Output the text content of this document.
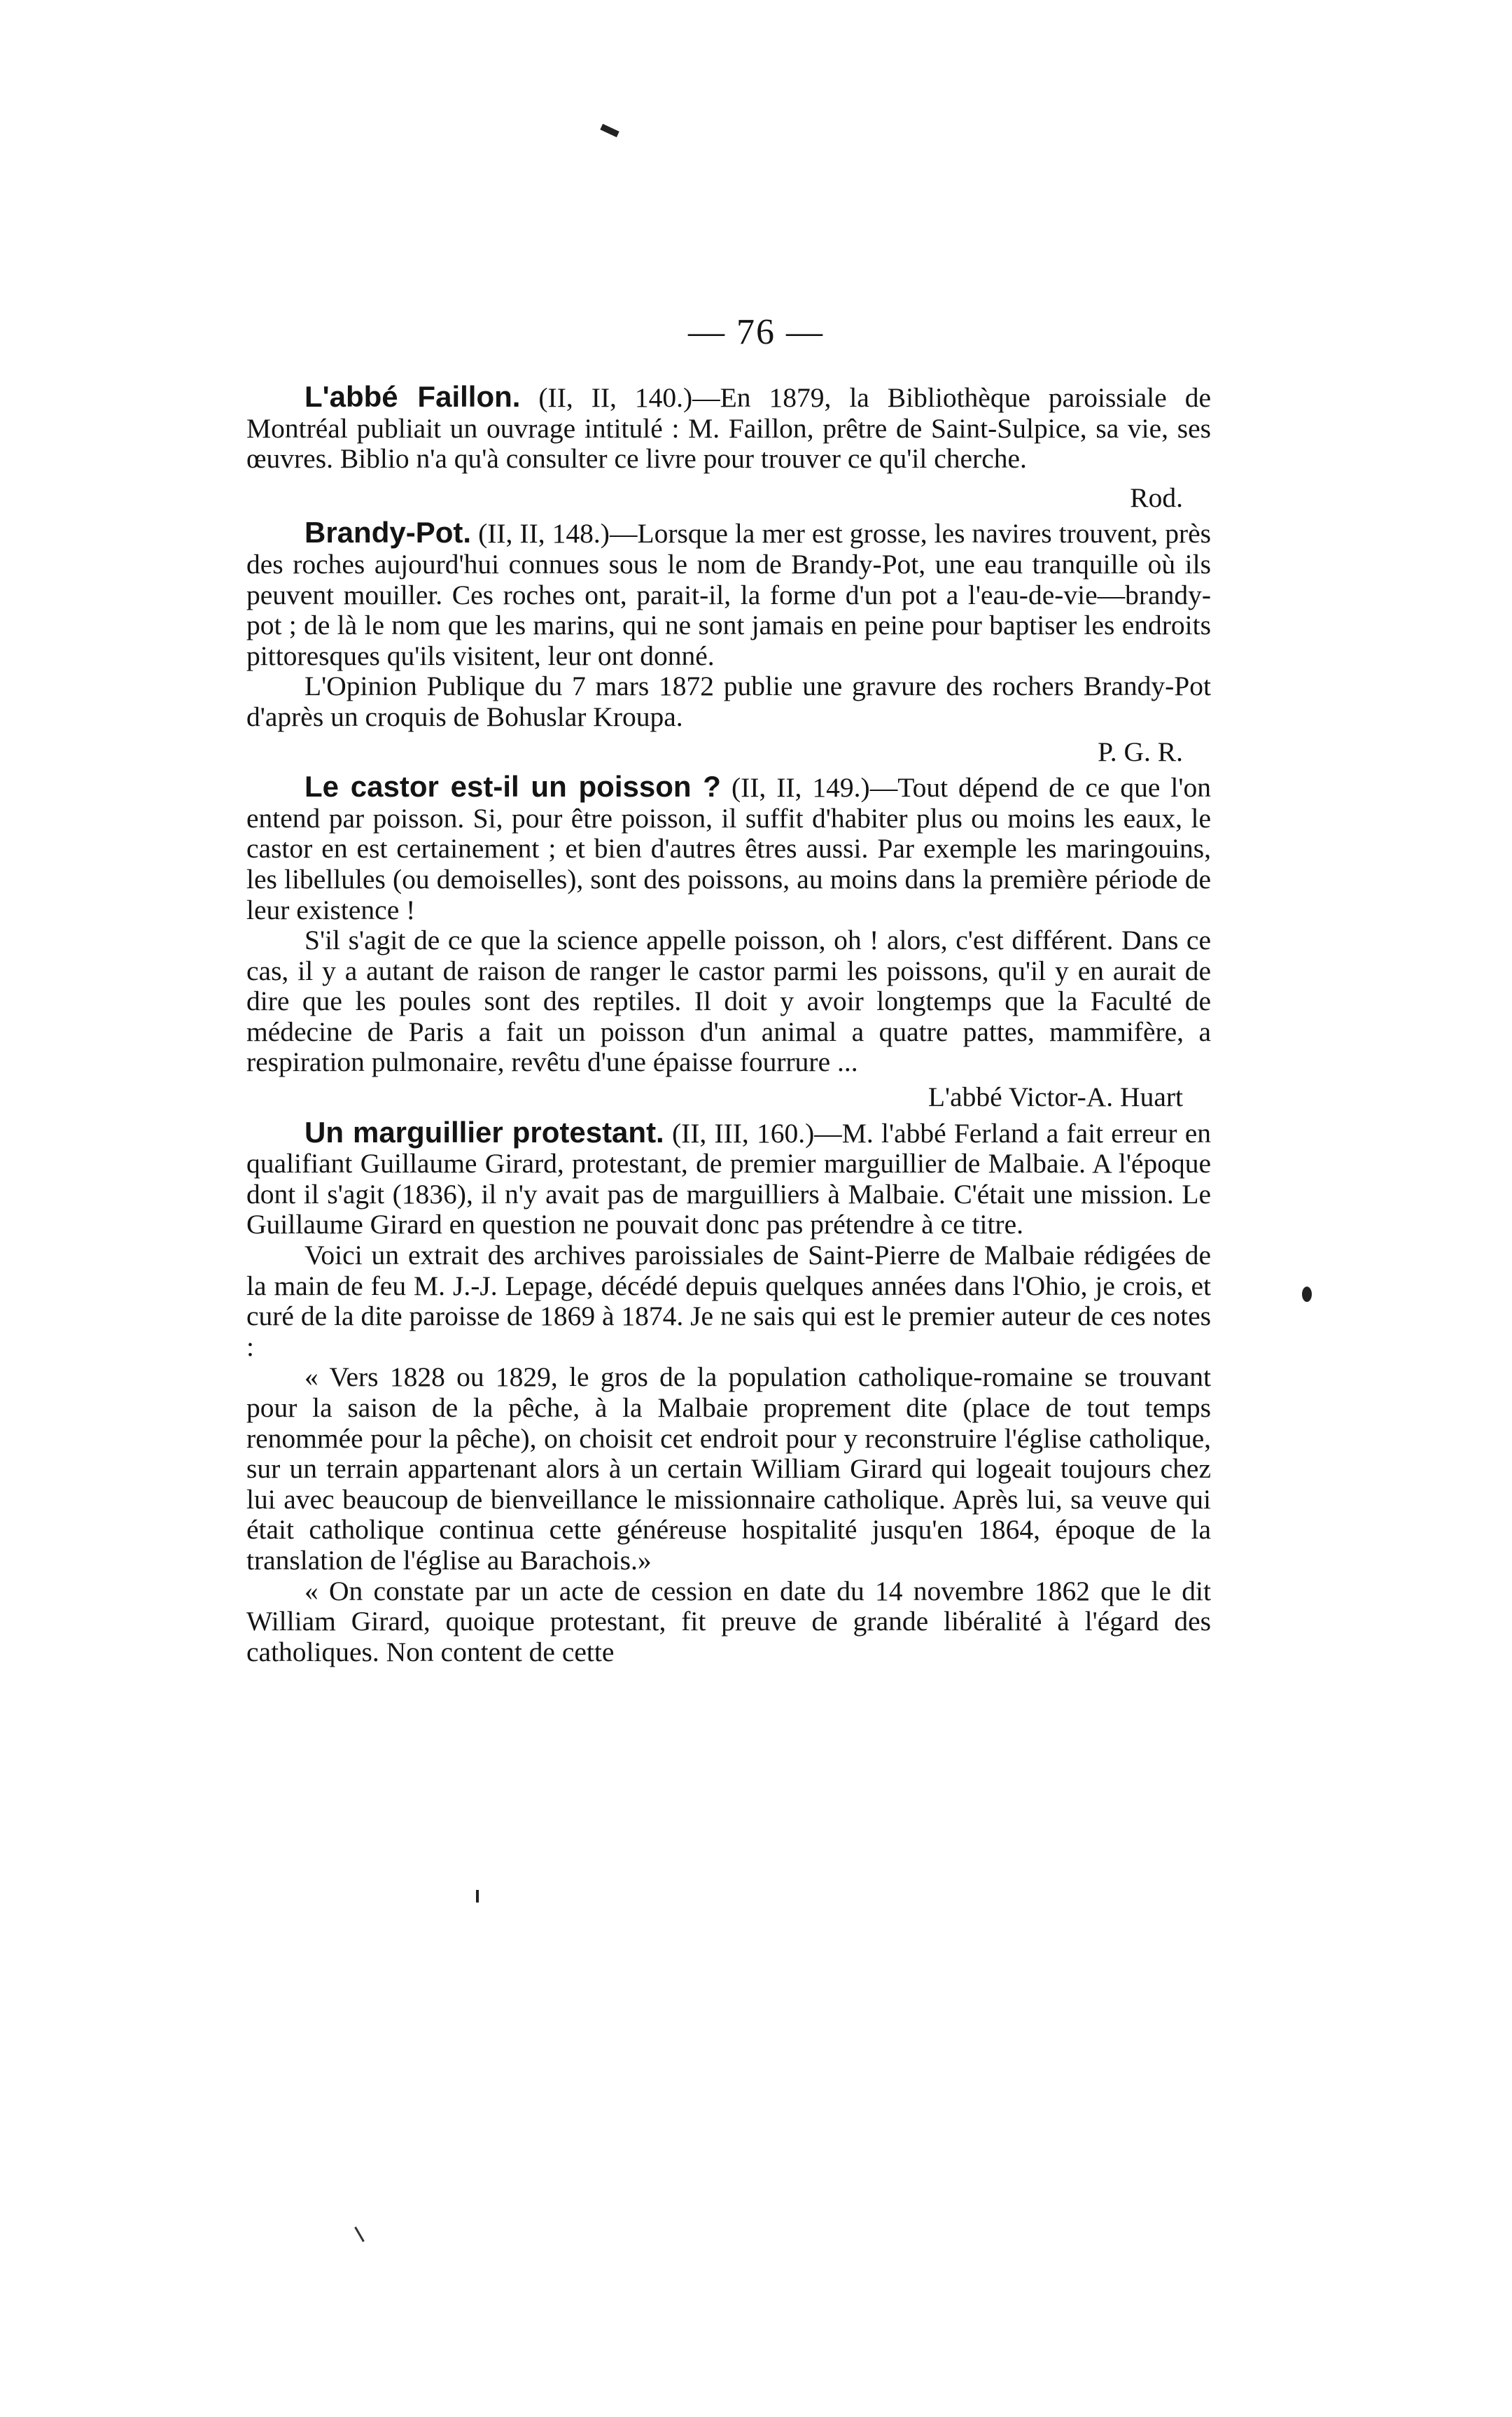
— 76 —

L'abbé Faillon. (II, II, 140.)—En 1879, la Bibliothèque paroissiale de Montréal publiait un ouvrage intitulé : M. Faillon, prêtre de Saint-Sulpice, sa vie, ses œuvres. Biblio n'a qu'à consulter ce livre pour trouver ce qu'il cherche.

Rod.

Brandy-Pot. (II, II, 148.)—Lorsque la mer est grosse, les navires trouvent, près des roches aujourd'hui connues sous le nom de Brandy-Pot, une eau tranquille où ils peuvent mouiller. Ces roches ont, parait-il, la forme d'un pot a l'eau-de-vie—brandy-pot ; de là le nom que les marins, qui ne sont jamais en peine pour baptiser les endroits pittoresques qu'ils visitent, leur ont donné.

L'Opinion Publique du 7 mars 1872 publie une gravure des rochers Brandy-Pot d'après un croquis de Bohuslar Kroupa.

P. G. R.

Le castor est-il un poisson ? (II, II, 149.)—Tout dépend de ce que l'on entend par poisson. Si, pour être poisson, il suffit d'habiter plus ou moins les eaux, le castor en est certainement ; et bien d'autres êtres aussi. Par exemple les maringouins, les libellules (ou demoiselles), sont des poissons, au moins dans la première période de leur existence !

S'il s'agit de ce que la science appelle poisson, oh ! alors, c'est différent. Dans ce cas, il y a autant de raison de ranger le castor parmi les poissons, qu'il y en aurait de dire que les poules sont des reptiles. Il doit y avoir longtemps que la Faculté de médecine de Paris a fait un poisson d'un animal a quatre pattes, mammifère, a respiration pulmonaire, revêtu d'une épaisse fourrure ...

L'abbé Victor-A. Huart

Un marguillier protestant. (II, III, 160.)—M. l'abbé Ferland a fait erreur en qualifiant Guillaume Girard, protestant, de premier marguillier de Malbaie. A l'époque dont il s'agit (1836), il n'y avait pas de marguilliers à Malbaie. C'était une mission. Le Guillaume Girard en question ne pouvait donc pas prétendre à ce titre.

Voici un extrait des archives paroissiales de Saint-Pierre de Malbaie rédigées de la main de feu M. J.-J. Lepage, décédé depuis quelques années dans l'Ohio, je crois, et curé de la dite paroisse de 1869 à 1874. Je ne sais qui est le premier auteur de ces notes :

« Vers 1828 ou 1829, le gros de la population catholique-romaine se trouvant pour la saison de la pêche, à la Malbaie proprement dite (place de tout temps renommée pour la pêche), on choisit cet endroit pour y reconstruire l'église catholique, sur un terrain appartenant alors à un certain William Girard qui logeait toujours chez lui avec beaucoup de bienveillance le missionnaire catholique. Après lui, sa veuve qui était catholique continua cette généreuse hospitalité jusqu'en 1864, époque de la translation de l'église au Barachois.»

« On constate par un acte de cession en date du 14 novembre 1862 que le dit William Girard, quoique protestant, fit preuve de grande libéralité à l'égard des catholiques. Non content de cette
